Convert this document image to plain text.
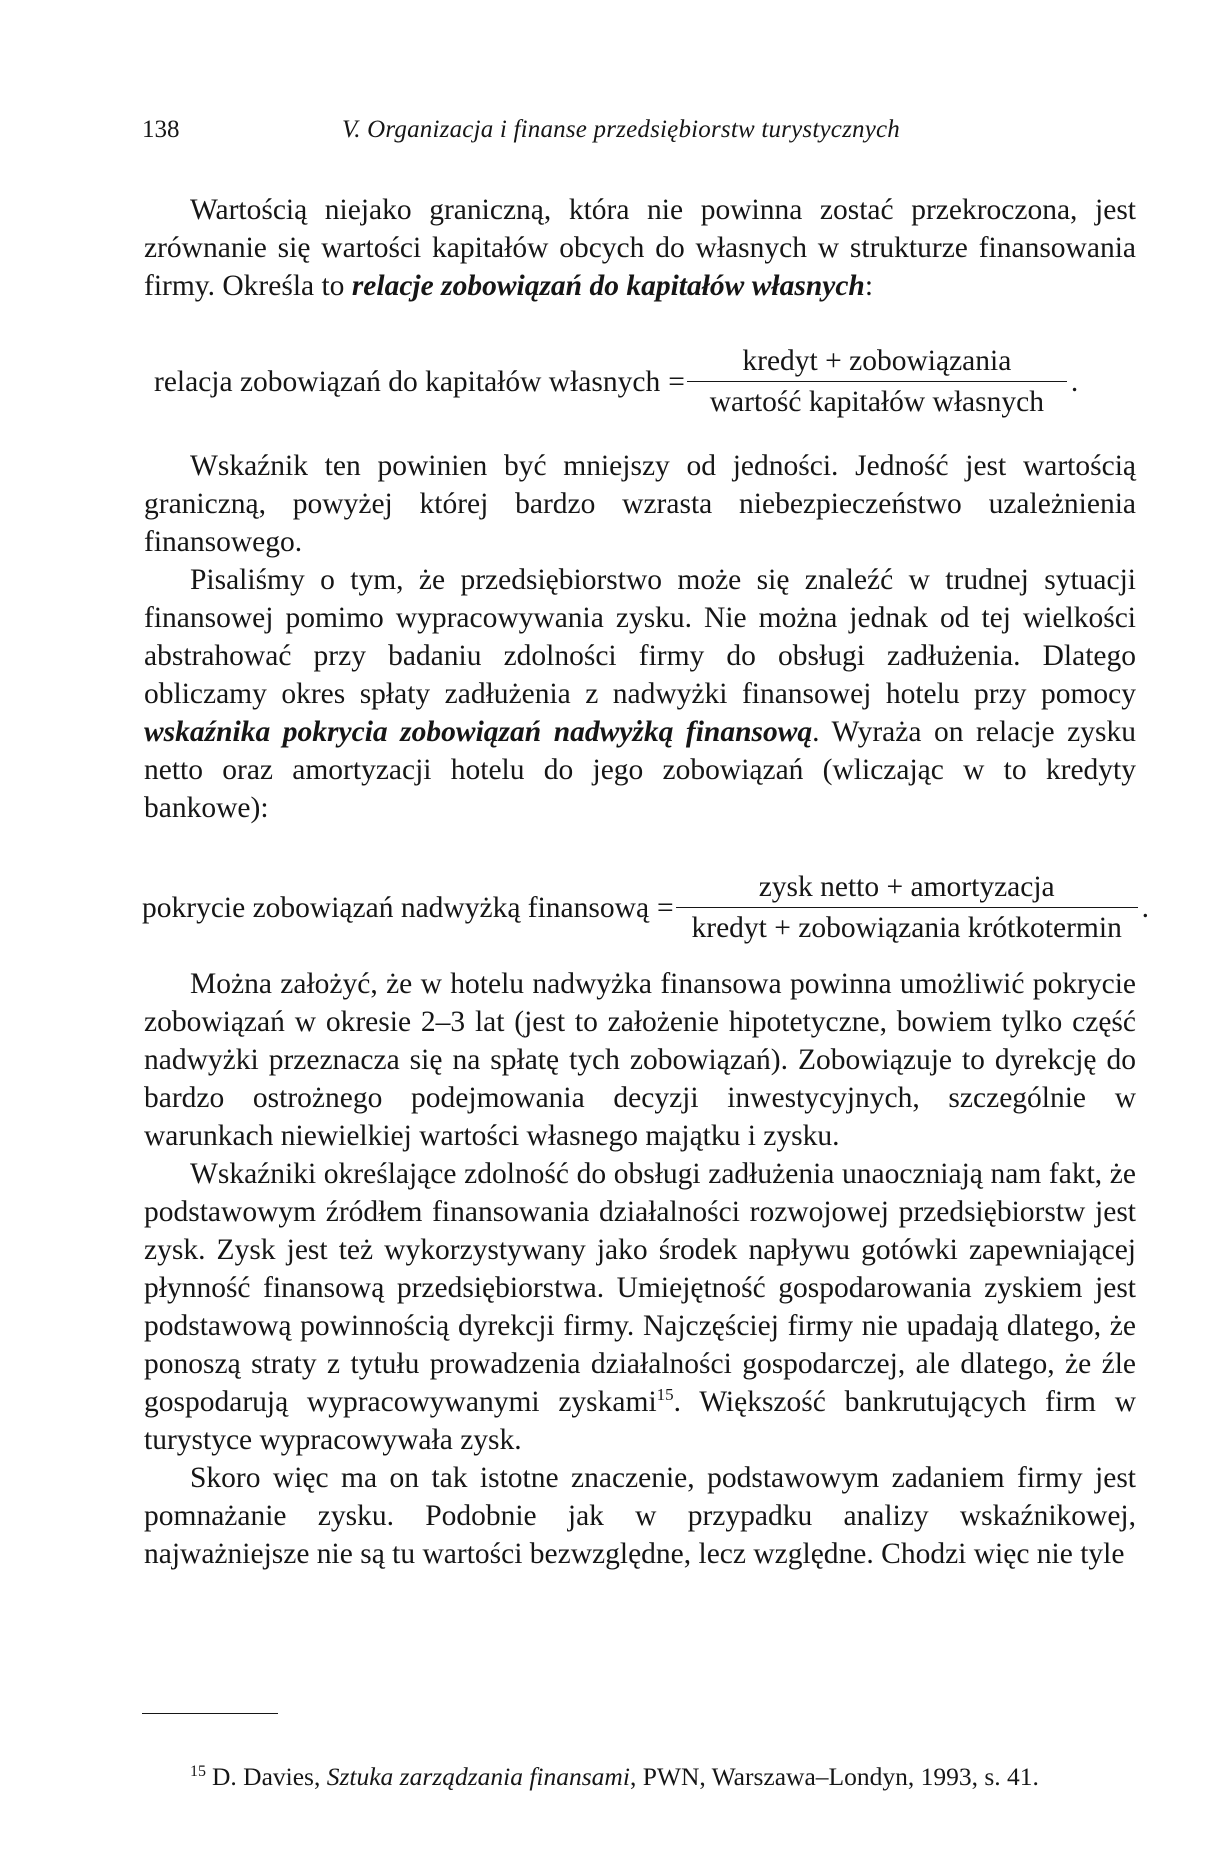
138	V. Organizacja i finanse przedsiębiorstw turystycznych

Wartością niejako graniczną, która nie powinna zostać przekroczona, jest zrównanie się wartości kapitałów obcych do własnych w strukturze finansowania firmy. Określa to relacje zobowiązań do kapitałów własnych:

relacja zobowiązań do kapitałów własnych = $\frac{\text{kredyt + zobowiązania}}{\text{wartość kapitałów własnych}}$ .

Wskaźnik ten powinien być mniejszy od jedności. Jedność jest wartością graniczną, powyżej której bardzo wzrasta niebezpieczeństwo uzależnienia finansowego.

Pisaliśmy o tym, że przedsiębiorstwo może się znaleźć w trudnej sytuacji finansowej pomimo wypracowywania zysku. Nie można jednak od tej wielkości abstrahować przy badaniu zdolności firmy do obsługi zadłużenia. Dlatego obliczamy okres spłaty zadłużenia z nadwyżki finansowej hotelu przy pomocy wskaźnika pokrycia zobowiązań nadwyżką finansową. Wyraża on relacje zysku netto oraz amortyzacji hotelu do jego zobowiązań (wliczając w to kredyty bankowe):

pokrycie zobowiązań nadwyżką finansową = $\frac{\text{zysk netto + amortyzacja}}{\text{kredyt + zobowiązania krótkotermin}}$ .

Można założyć, że w hotelu nadwyżka finansowa powinna umożliwić pokrycie zobowiązań w okresie 2–3 lat (jest to założenie hipotetyczne, bowiem tylko część nadwyżki przeznacza się na spłatę tych zobowiązań). Zobowiązuje to dyrekcję do bardzo ostrożnego podejmowania decyzji inwestycyjnych, szczególnie w warunkach niewielkiej wartości własnego majątku i zysku.

Wskaźniki określające zdolność do obsługi zadłużenia unaoczniają nam fakt, że podstawowym źródłem finansowania działalności rozwojowej przedsiębiorstw jest zysk. Zysk jest też wykorzystywany jako środek napływu gotówki zapewniającej płynność finansową przedsiębiorstwa. Umiejętność gospodarowania zyskiem jest podstawową powinnością dyrekcji firmy. Najczęściej firmy nie upadają dlatego, że ponoszą straty z tytułu prowadzenia działalności gospodarczej, ale dlatego, że źle gospodarują wypracowywanymi zyskami$^{15}$. Większość bankrutujących firm w turystyce wypracowywała zysk.

Skoro więc ma on tak istotne znaczenie, podstawowym zadaniem firmy jest pomnażanie zysku. Podobnie jak w przypadku analizy wskaźnikowej, najważniejsze nie są tu wartości bezwzględne, lecz względne. Chodzi więc nie tyle

$^{15}$ D. Davies, Sztuka zarządzania finansami, PWN, Warszawa–Londyn, 1993, s. 41.
